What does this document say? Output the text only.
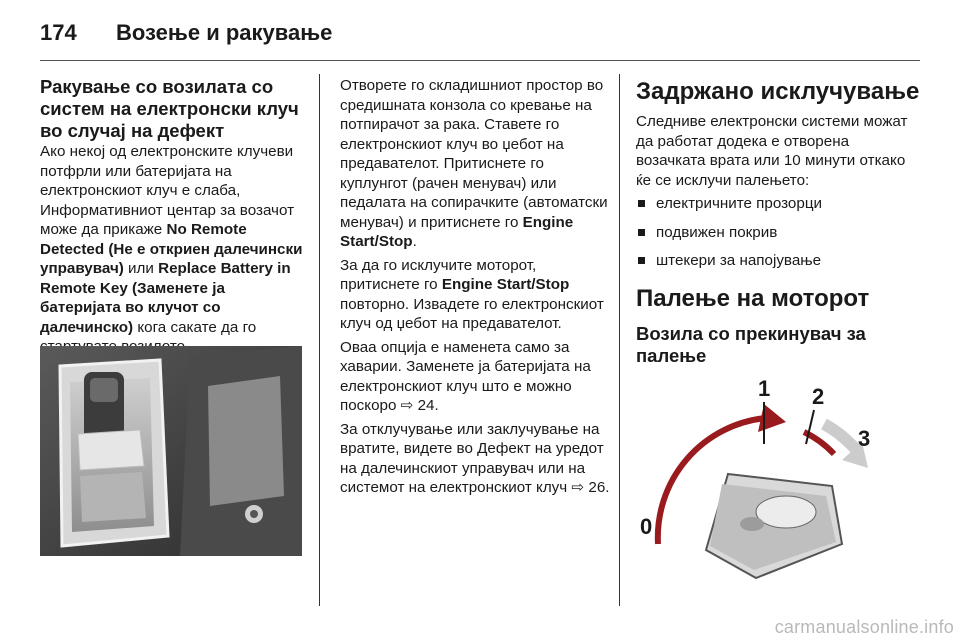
174	Возење и ракување
Ракување со возилата со систем на електронски клуч во случај на дефект

Ако некој од електронските клучеви потфрли или батеријата на електронскиот клуч е слаба, Информативниот центар за возачот може да прикаже No Remote Detected (Не е откриен далечински управувач) или Replace Battery in Remote Key (Заменете ја батеријата во клучот со далечинско) кога сакате да го

Отворете го складишниот простор во средишната конзола со кревање на потпирачот за рака. Ставете го електронскиот клуч во џебот на предавателот. Притиснете го куплунгот (рачен менувач) или педалата на сопирачките (автоматски менувач) и притиснете го Engine Start/Stop.

За да го исклучите моторот, притиснете го Engine Start/Stop повторно. Извадете го електронскиот клуч од џебот на предавателот.

Оваа опција е наменета само за хаварии. Заменете ја батеријата на електронскиот клуч што е можно поскоро ⇨ 24.

За отклучување или заклучување на вратите, видете во Дефект на уредот на далечинскиот управувач или на системот на електронскиот клуч ⇨ 26.

Задржано исклучување

Следниве електронски системи можат да работат додека е отворена возачката врата или 10 минути откако ќе се исклучи палењето:

електричните прозорци
подвижен покрив
штекери за напојување
Палење на моторот
Возила со прекинувач за палење
1 2
3
0
carmanualsonline.info
